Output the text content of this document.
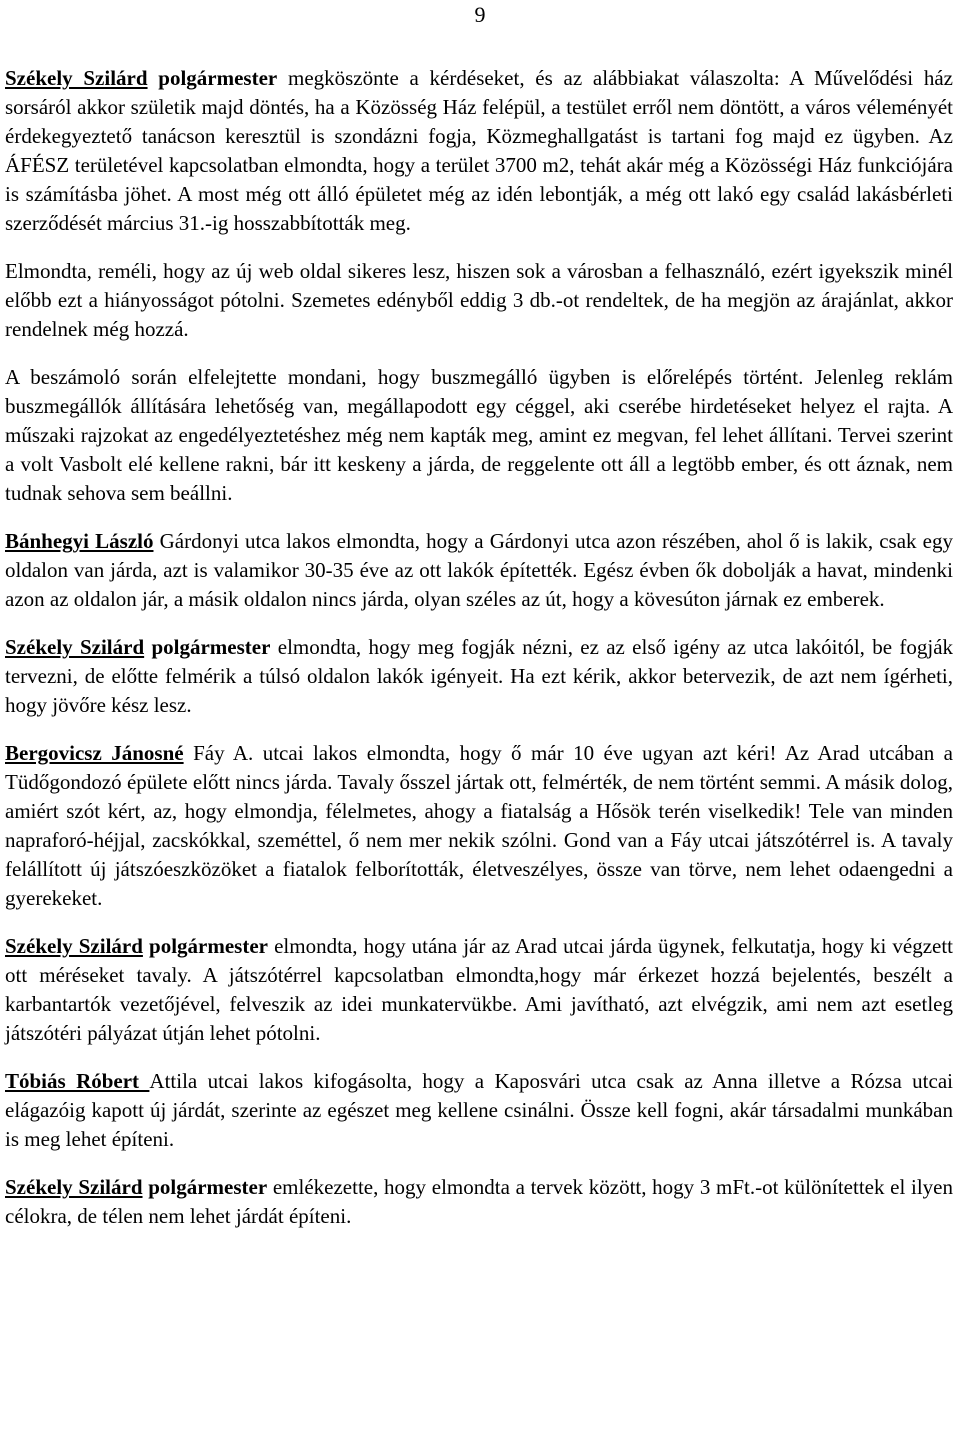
9

Székely Szilárd polgármester megköszönte a kérdéseket, és az alábbiakat válaszolta: A Művelődési ház sorsáról akkor születik majd döntés, ha a Közösség Ház felépül, a testület erről nem döntött, a város véleményét érdekegyeztető tanácson keresztül is szondázni fogja, Közmeghallgatást is tartani fog majd ez ügyben. Az ÁFÉSZ területével kapcsolatban elmondta, hogy a terület 3700 m2, tehát akár még a Közösségi Ház funkciójára is számításba jöhet. A most még ott álló épületet még az idén lebontják, a még ott lakó egy család lakásbérleti szerződését március 31.-ig hosszabbították meg.

Elmondta, reméli, hogy az új web oldal sikeres lesz, hiszen sok a városban a felhasználó, ezért igyekszik minél előbb ezt a hiányosságot pótolni. Szemetes edényből eddig 3 db.-ot rendeltek, de ha megjön az árajánlat, akkor rendelnek még hozzá.

A beszámoló során elfelejtette mondani, hogy buszmegálló ügyben is előrelépés történt. Jelenleg reklám buszmegállók állítására lehetőség van, megállapodott egy céggel, aki cserébe hirdetéseket helyez el rajta. A műszaki rajzokat az engedélyeztetéshez még nem kapták meg, amint ez megvan, fel lehet állítani. Tervei szerint a volt Vasbolt elé kellene rakni, bár itt keskeny a járda, de reggelente ott áll a legtöbb ember, és ott áznak, nem tudnak sehova sem beállni.

Bánhegyi László Gárdonyi utca lakos elmondta, hogy a Gárdonyi utca azon részében, ahol ő is lakik, csak egy oldalon van járda, azt is valamikor 30-35 éve az ott lakók építették. Egész évben ők dobolják a havat, mindenki azon az oldalon jár, a másik oldalon nincs járda, olyan széles az út, hogy a kövesúton járnak ez emberek.

Székely Szilárd polgármester elmondta, hogy meg fogják nézni, ez az első igény az utca lakóitól, be fogják tervezni, de előtte felmérik a túlsó oldalon lakók igényeit. Ha ezt kérik, akkor betervezik, de azt nem ígérheti, hogy jövőre kész lesz.

Bergovicsz Jánosné Fáy A. utcai lakos elmondta, hogy ő már 10 éve ugyan azt kéri! Az Arad utcában a Tüdőgondozó épülete előtt nincs járda. Tavaly ősszel jártak ott, felmérték, de nem történt semmi. A másik dolog, amiért szót kért, az, hogy elmondja, félelmetes, ahogy a fiatalság a Hősök terén viselkedik! Tele van minden napraforó-héjjal, zacskókkal, szeméttel, ő nem mer nekik szólni. Gond van a Fáy utcai játszótérrel is. A tavaly felállított új játszóeszközöket a fiatalok felborították, életveszélyes, össze van törve, nem lehet odaengedni a gyerekeket.

Székely Szilárd polgármester elmondta, hogy utána jár az Arad utcai járda ügynek, felkutatja, hogy ki végzett ott méréseket tavaly. A játszótérrel kapcsolatban elmondta,hogy már érkezet hozzá bejelentés, beszélt a karbantartók vezetőjével, felveszik az idei munkatervükbe. Ami javítható, azt elvégzik, ami nem azt esetleg játszótéri pályázat útján lehet pótolni.

Tóbiás Róbert Attila utcai lakos kifogásolta, hogy a Kaposvári utca csak az Anna illetve a Rózsa utcai elágazóig kapott új járdát, szerinte az egészet meg kellene csinálni. Össze kell fogni, akár társadalmi munkában is meg lehet építeni.

Székely Szilárd polgármester emlékezette, hogy elmondta a tervek között, hogy 3 mFt.-ot különítettek el ilyen célokra, de télen nem lehet járdát építeni.
